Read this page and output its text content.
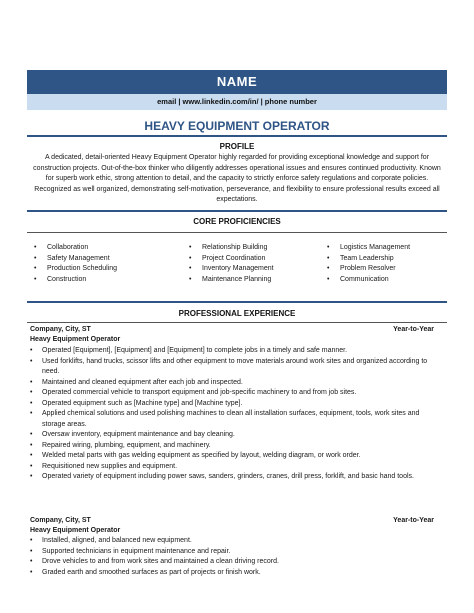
NAME
email | www.linkedin.com/in/ | phone number
HEAVY EQUIPMENT OPERATOR
PROFILE
A dedicated, detail-oriented Heavy Equipment Operator highly regarded for providing exceptional knowledge and support for construction projects. Out-of-the-box thinker who diligently addresses operational issues and ensures continued productivity. Known for superb work ethic, strong attention to detail, and the capacity to strictly enforce safety regulations and corporate policies. Recognized as well organized, demonstrating self-motivation, perseverance, and flexibility to ensure professional results exceed all expectations.
CORE PROFICIENCIES
• Collaboration
• Safety Management
• Production Scheduling
• Construction
• Relationship Building
• Project Coordination
• Inventory Management
• Maintenance Planning
• Logistics Management
• Team Leadership
• Problem Resolver
• Communication
PROFESSIONAL EXPERIENCE
Company, City, ST	Year-to-Year
Heavy Equipment Operator
• Operated [Equipment], [Equipment] and [Equipment] to complete jobs in a timely and safe manner.
• Used forklifts, hand trucks, scissor lifts and other equipment to move materials around work sites and organized according to need.
• Maintained and cleaned equipment after each job and inspected.
• Operated commercial vehicle to transport equipment and job-specific machinery to and from job sites.
• Operated equipment such as [Machine type] and [Machine type].
• Applied chemical solutions and used polishing machines to clean all installation surfaces, equipment, tools, work sites and storage areas.
• Oversaw inventory, equipment maintenance and bay cleaning.
• Repaired wiring, plumbing, equipment, and machinery.
• Welded metal parts with gas welding equipment as specified by layout, welding diagram, or work order.
• Requisitioned new supplies and equipment.
• Operated variety of equipment including power saws, sanders, grinders, cranes, drill press, forklift, and basic hand tools.
Company, City, ST	Year-to-Year
Heavy Equipment Operator
• Installed, aligned, and balanced new equipment.
• Supported technicians in equipment maintenance and repair.
• Drove vehicles to and from work sites and maintained a clean driving record.
• Graded earth and smoothed surfaces as part of projects or finish work.
